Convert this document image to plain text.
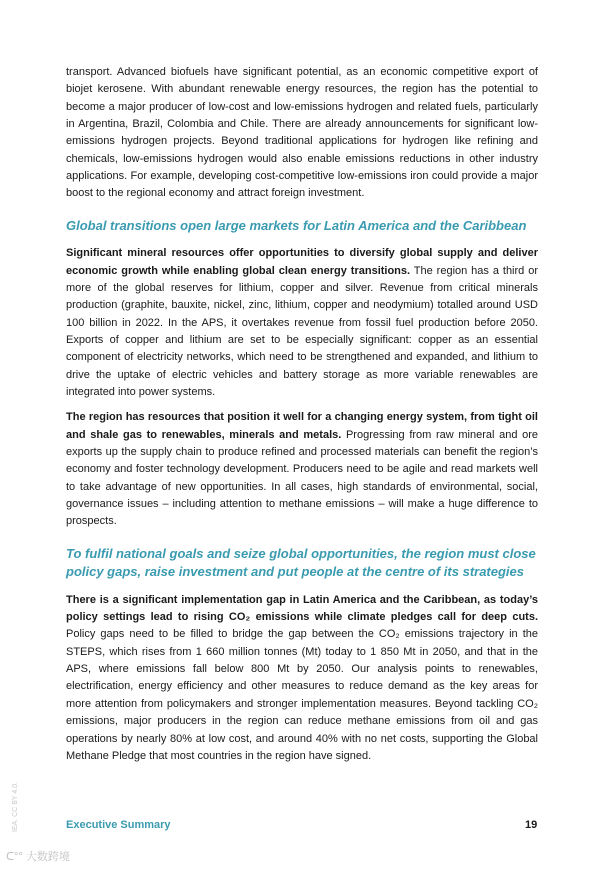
transport. Advanced biofuels have significant potential, as an economic competitive export of biojet kerosene. With abundant renewable energy resources, the region has the potential to become a major producer of low-cost and low-emissions hydrogen and related fuels, particularly in Argentina, Brazil, Colombia and Chile. There are already announcements for significant low-emissions hydrogen projects. Beyond traditional applications for hydrogen like refining and chemicals, low-emissions hydrogen would also enable emissions reductions in other industry applications. For example, developing cost-competitive low-emissions iron could provide a major boost to the regional economy and attract foreign investment.

Global transitions open large markets for Latin America and the Caribbean

Significant mineral resources offer opportunities to diversify global supply and deliver economic growth while enabling global clean energy transitions. The region has a third or more of the global reserves for lithium, copper and silver. Revenue from critical minerals production (graphite, bauxite, nickel, zinc, lithium, copper and neodymium) totalled around USD 100 billion in 2022. In the APS, it overtakes revenue from fossil fuel production before 2050. Exports of copper and lithium are set to be especially significant: copper as an essential component of electricity networks, which need to be strengthened and expanded, and lithium to drive the uptake of electric vehicles and battery storage as more variable renewables are integrated into power systems.

The region has resources that position it well for a changing energy system, from tight oil and shale gas to renewables, minerals and metals. Progressing from raw mineral and ore exports up the supply chain to produce refined and processed materials can benefit the region’s economy and foster technology development. Producers need to be agile and read markets well to take advantage of new opportunities. In all cases, high standards of environmental, social, governance issues – including attention to methane emissions – will make a huge difference to prospects.

To fulfil national goals and seize global opportunities, the region must close policy gaps, raise investment and put people at the centre of its strategies

There is a significant implementation gap in Latin America and the Caribbean, as today’s policy settings lead to rising CO₂ emissions while climate pledges call for deep cuts. Policy gaps need to be filled to bridge the gap between the CO₂ emissions trajectory in the STEPS, which rises from 1 660 million tonnes (Mt) today to 1 850 Mt in 2050, and that in the APS, where emissions fall below 800 Mt by 2050. Our analysis points to renewables, electrification, energy efficiency and other measures to reduce demand as the key areas for more attention from policymakers and stronger implementation measures. Beyond tackling CO₂ emissions, major producers in the region can reduce methane emissions from oil and gas operations by nearly 80% at low cost, and around 40% with no net costs, supporting the Global Methane Pledge that most countries in the region have signed.

IEA. CC BY 4.0.	Executive Summary	19
ᑕ°° 大数跨境
